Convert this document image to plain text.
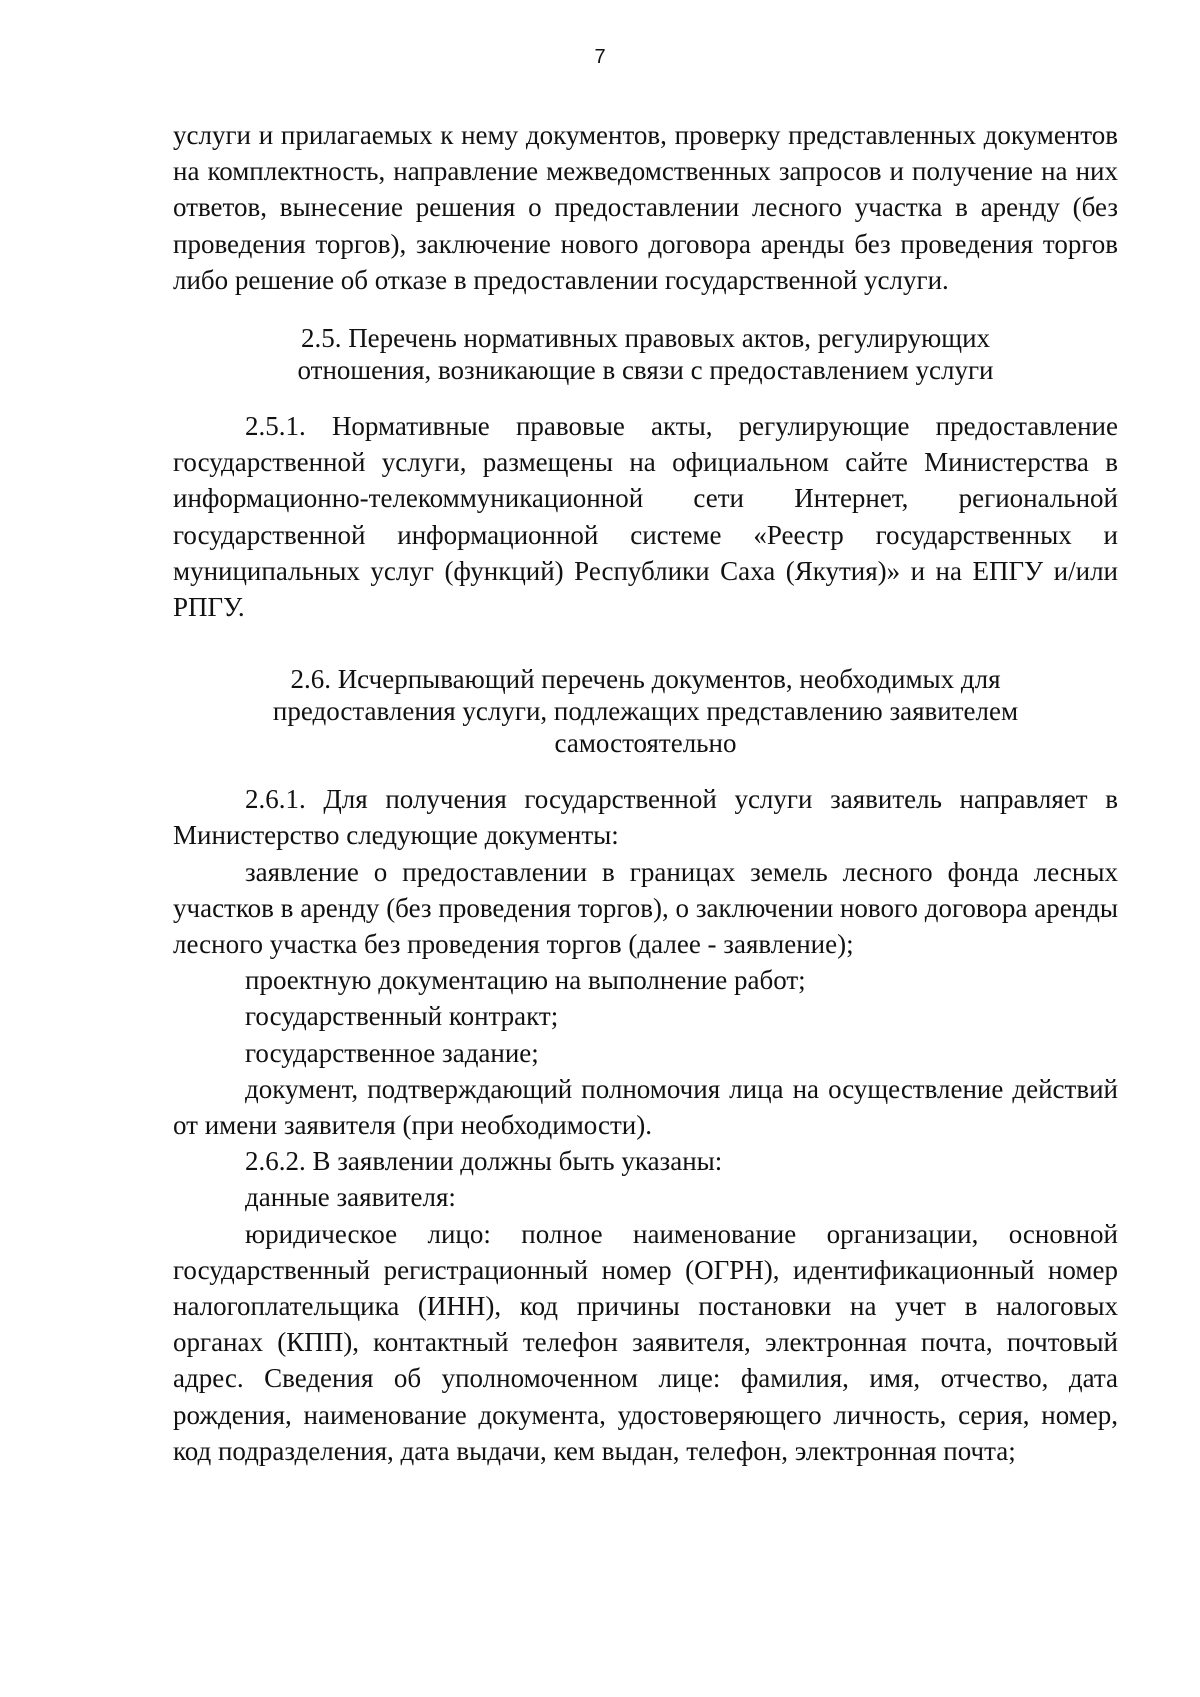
7

услуги и прилагаемых к нему документов, проверку представленных документов на комплектность, направление межведомственных запросов и получение на них ответов, вынесение решения о предоставлении лесного участка в аренду (без проведения торгов), заключение нового договора аренды без проведения торгов либо решение об отказе в предоставлении государственной услуги.

2.5. Перечень нормативных правовых актов, регулирующих
отношения, возникающие в связи с предоставлением услуги

2.5.1. Нормативные правовые акты, регулирующие предоставление государственной услуги, размещены на официальном сайте Министерства в информационно-телекоммуникационной сети Интернет, региональной государственной информационной системе «Реестр государственных и муниципальных услуг (функций) Республики Саха (Якутия)» и на ЕПГУ и/или РПГУ.

2.6. Исчерпывающий перечень документов, необходимых для
предоставления услуги, подлежащих представлению заявителем
самостоятельно

2.6.1. Для получения государственной услуги заявитель направляет в Министерство следующие документы:

заявление о предоставлении в границах земель лесного фонда лесных участков в аренду (без проведения торгов), о заключении нового договора аренды лесного участка без проведения торгов (далее - заявление);

проектную документацию на выполнение работ;

государственный контракт;

государственное задание;

документ, подтверждающий полномочия лица на осуществление действий от имени заявителя (при необходимости).

2.6.2. В заявлении должны быть указаны:

данные заявителя:

юридическое лицо: полное наименование организации, основной государственный регистрационный номер (ОГРН), идентификационный номер налогоплательщика (ИНН), код причины постановки на учет в налоговых органах (КПП), контактный телефон заявителя, электронная почта, почтовый адрес. Сведения об уполномоченном лице: фамилия, имя, отчество, дата рождения, наименование документа, удостоверяющего личность, серия, номер, код подразделения, дата выдачи, кем выдан, телефон, электронная почта;
